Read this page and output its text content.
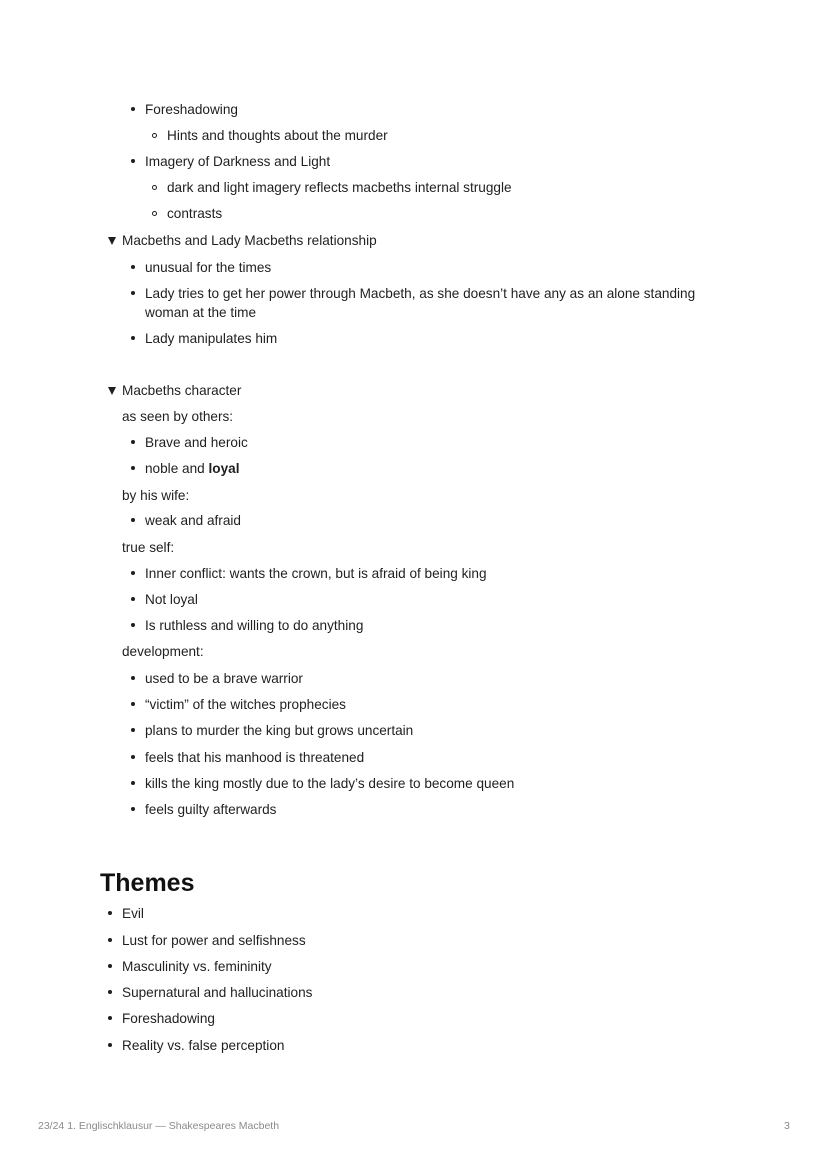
Foreshadowing
Hints and thoughts about the murder
Imagery of Darkness and Light
dark and light imagery reflects macbeths internal struggle
contrasts
Macbeths and Lady Macbeths relationship
unusual for the times
Lady tries to get her power through Macbeth, as she doesn’t have any as an alone standing woman at the time
Lady manipulates him
Macbeths character
as seen by others:
Brave and heroic
noble and loyal
by his wife:
weak and afraid
true self:
Inner conflict: wants the crown, but is afraid of being king
Not loyal
Is ruthless and willing to do anything
development:
used to be a brave warrior
“victim” of the witches prophecies
plans to murder the king but grows uncertain
feels that his manhood is threatened
kills the king mostly due to the lady’s desire to become queen
feels guilty afterwards
Themes
Evil
Lust for power and selfishness
Masculinity vs. femininity
Supernatural and hallucinations
Foreshadowing
Reality vs. false perception
23/24 1. Englischklausur — Shakespeares Macbeth	3
